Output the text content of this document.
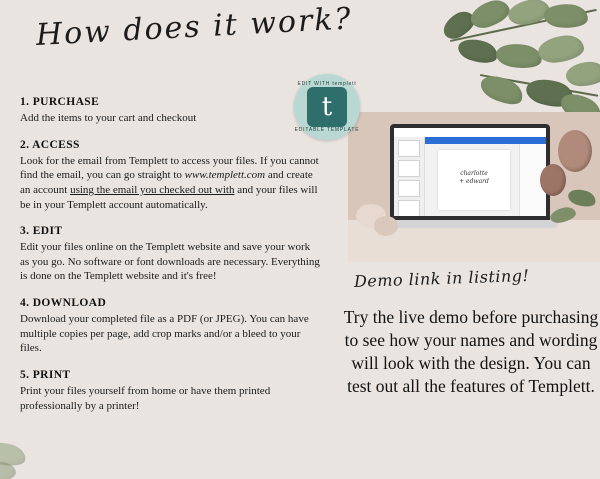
How does it work?

1. PURCHASE

Add the items to your cart and checkout

2. ACCESS

Look for the email from Templett to access your files. If you cannot find the email, you can go straight to www.templett.com and create an account using the email you checked out with and your files will be in your Templett account automatically.

3. EDIT

Edit your files online on the Templett website and save your work as you go. No software or font downloads are necessary. Everything is done on the Templett website and it's free!

4. DOWNLOAD

Download your completed file as a PDF (or JPEG). You can have multiple copies per page, add crop marks and/or a bleed to your files.

5. PRINT

Print your files yourself from home or have them printed professionally by a printer!

EDIT WITH templett
t
EDITABLE TEMPLATE
charlotte
+ edward
Demo link in listing!
Try the live demo before purchasing to see how your names and wording will look with the design. You can test out all the features of Templett.
